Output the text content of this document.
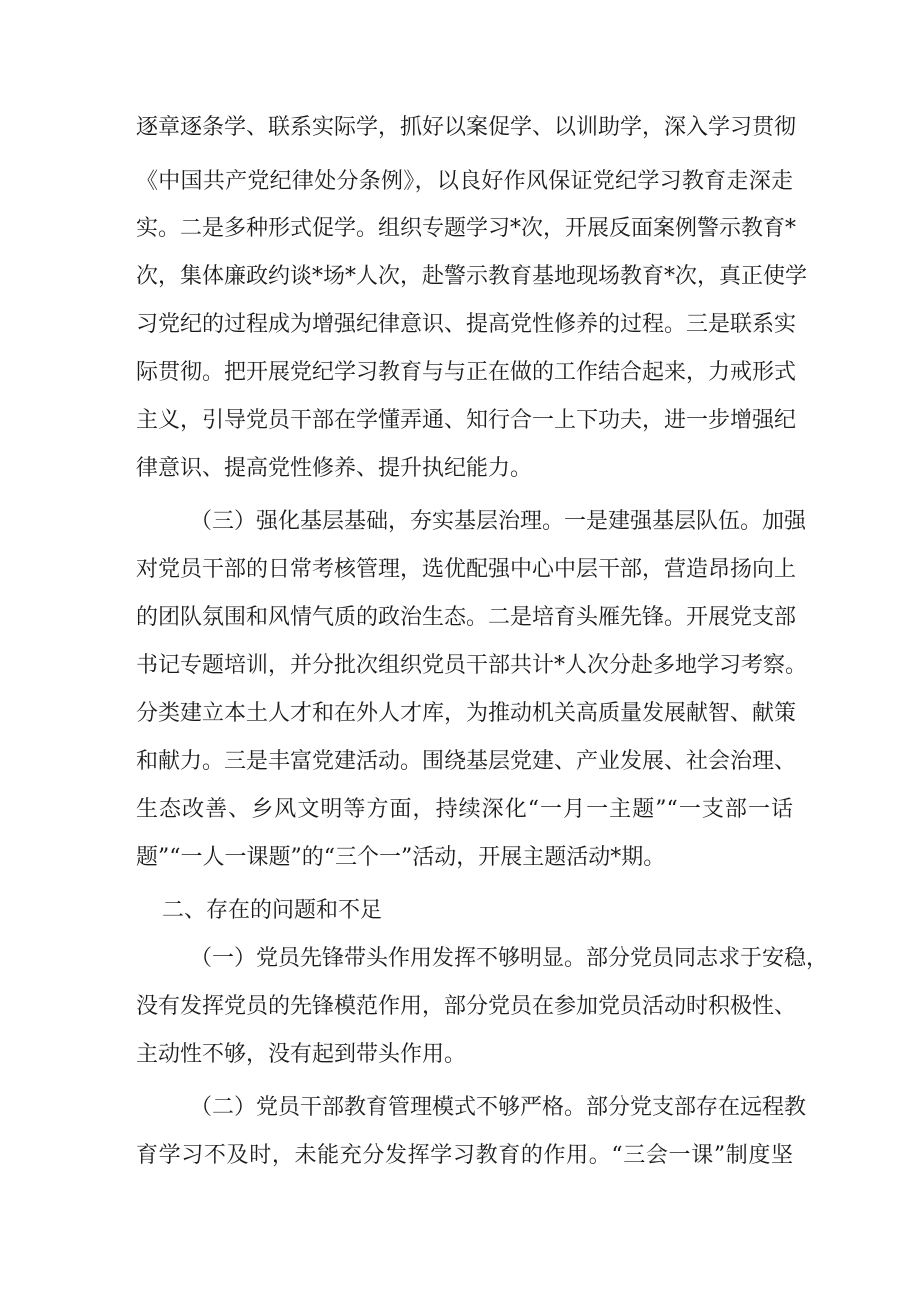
逐章逐条学、联系实际学，抓好以案促学、以训助学，深入学习贯彻
《中国共产党纪律处分条例》，以良好作风保证党纪学习教育走深走
实。二是多种形式促学。组织专题学习*次，开展反面案例警示教育*
次，集体廉政约谈*场*人次，赴警示教育基地现场教育*次，真正使学
习党纪的过程成为增强纪律意识、提高党性修养的过程。三是联系实
际贯彻。把开展党纪学习教育与与正在做的工作结合起来，力戒形式
主义，引导党员干部在学懂弄通、知行合一上下功夫，进一步增强纪
律意识、提高党性修养、提升执纪能力。
（三）强化基层基础，夯实基层治理。一是建强基层队伍。加强
对党员干部的日常考核管理，选优配强中心中层干部，营造昂扬向上
的团队氛围和风情气质的政治生态。二是培育头雁先锋。开展党支部
书记专题培训，并分批次组织党员干部共计*人次分赴多地学习考察。
分类建立本土人才和在外人才库，为推动机关高质量发展献智、献策
和献力。三是丰富党建活动。围绕基层党建、产业发展、社会治理、
生态改善、乡风文明等方面，持续深化“一月一主题”“一支部一话
题”“一人一课题”的“三个一”活动，开展主题活动*期。
二、存在的问题和不足
（一）党员先锋带头作用发挥不够明显。部分党员同志求于安稳，
没有发挥党员的先锋模范作用，部分党员在参加党员活动时积极性、
主动性不够，没有起到带头作用。
（二）党员干部教育管理模式不够严格。部分党支部存在远程教
育学习不及时，未能充分发挥学习教育的作用。“三会一课”制度坚
